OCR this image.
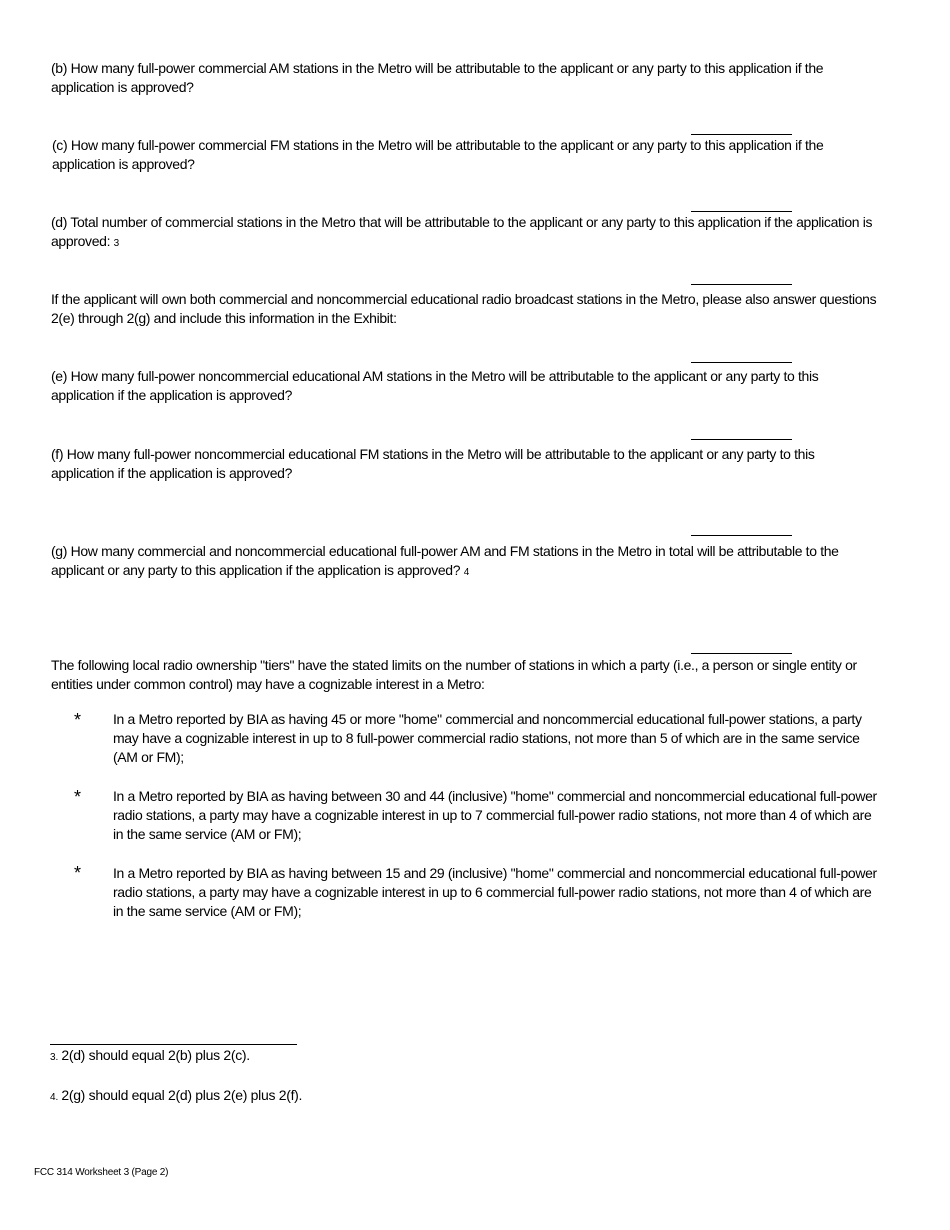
(b) How many full-power commercial AM stations in the Metro will be attributable to the applicant or any party to this application if the application is approved?
(c) How many full-power commercial FM stations in the Metro will be attributable to the applicant or any party to this application if the application is approved?
(d) Total number of commercial stations in the Metro that will be attributable to the applicant or any party to this application if the application is approved: 3
If the applicant will own both commercial and noncommercial educational radio broadcast stations in the Metro, please also answer questions 2(e) through 2(g) and include this information in the Exhibit:
(e) How many full-power noncommercial educational AM stations in the Metro will be attributable to the applicant or any party to this application if the application is approved?
(f) How many full-power noncommercial educational FM stations in the Metro will be attributable to the applicant or any party to this application if the application is approved?
(g) How many commercial and noncommercial educational full-power AM and FM stations in the Metro in total will be attributable to the applicant or any party to this application if the application is approved? 4
The following local radio ownership "tiers" have the stated limits on the number of stations in which a party (i.e., a person or single entity or entities under common control) may have a cognizable interest in a Metro:
* In a Metro reported by BIA as having 45 or more "home" commercial and noncommercial educational full-power stations, a party may have a cognizable interest in up to 8 full-power commercial radio stations, not more than 5 of which are in the same service (AM or FM);
* In a Metro reported by BIA as having between 30 and 44 (inclusive) "home" commercial and noncommercial educational full-power radio stations, a party may have a cognizable interest in up to 7 commercial full-power radio stations, not more than 4 of which are in the same service (AM or FM);
* In a Metro reported by BIA as having between 15 and 29 (inclusive) "home" commercial and noncommercial educational full-power radio stations, a party may have a cognizable interest in up to 6 commercial full-power radio stations, not more than 4 of which are in the same service (AM or FM);
3. 2(d) should equal 2(b) plus 2(c).
4. 2(g) should equal 2(d) plus 2(e) plus 2(f).
FCC 314 Worksheet 3 (Page 2)
